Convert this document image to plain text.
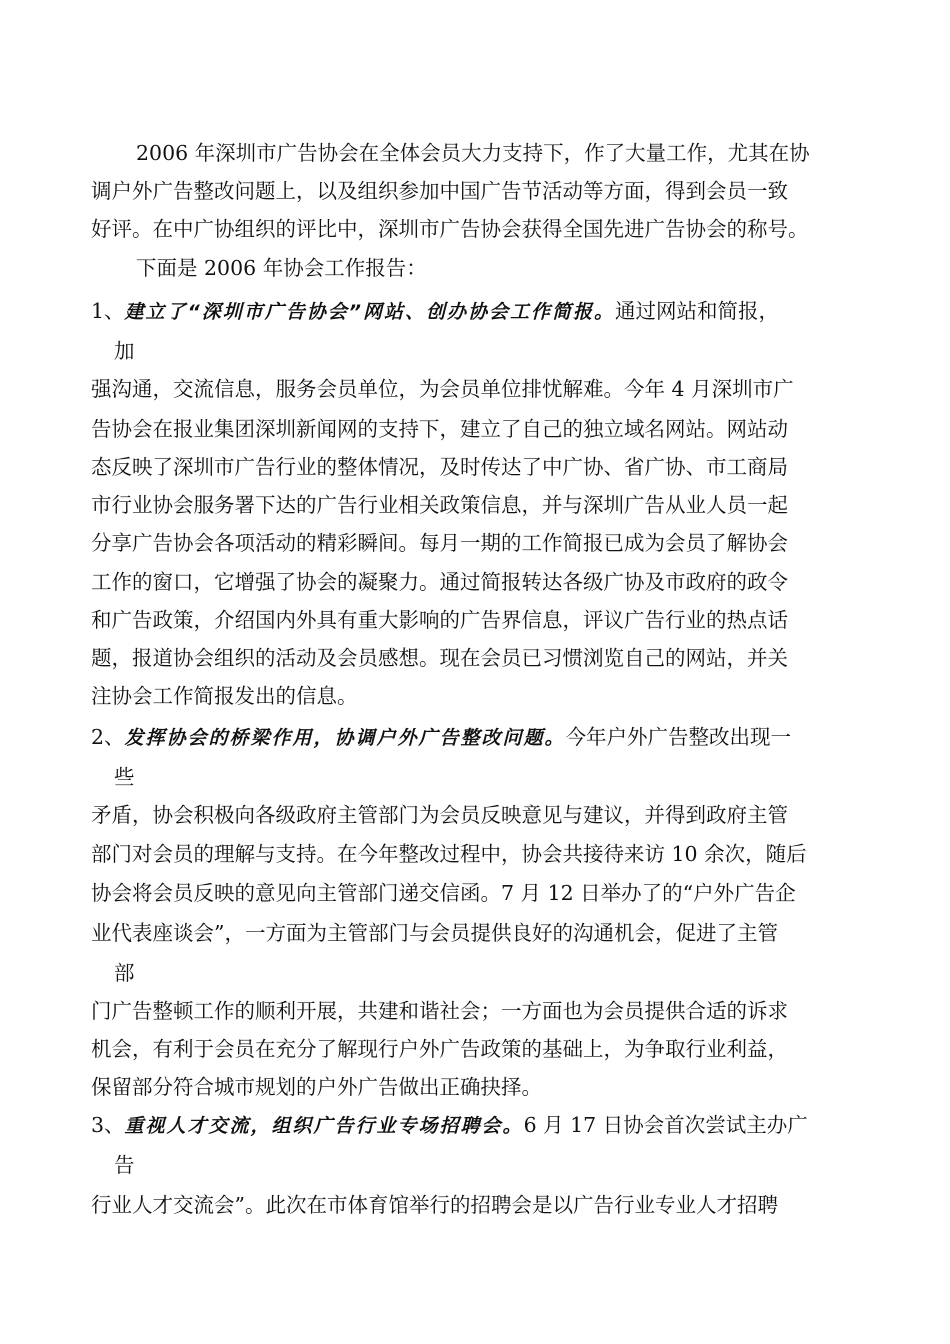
2006 年深圳市广告协会在全体会员大力支持下，作了大量工作，尤其在协
调户外广告整改问题上，以及组织参加中国广告节活动等方面，得到会员一致
好评。在中广协组织的评比中，深圳市广告协会获得全国先进广告协会的称号。
下面是 2006 年协会工作报告：
1、建立了“深圳市广告协会”网站、创办协会工作简报。通过网站和简报，
加
强沟通，交流信息，服务会员单位，为会员单位排忧解难。今年 4 月深圳市广
告协会在报业集团深圳新闻网的支持下，建立了自己的独立域名网站。网站动
态反映了深圳市广告行业的整体情况，及时传达了中广协、省广协、市工商局
市行业协会服务署下达的广告行业相关政策信息，并与深圳广告从业人员一起
分享广告协会各项活动的精彩瞬间。每月一期的工作简报已成为会员了解协会
工作的窗口，它增强了协会的凝聚力。通过简报转达各级广协及市政府的政令
和广告政策，介绍国内外具有重大影响的广告界信息，评议广告行业的热点话
题，报道协会组织的活动及会员感想。现在会员已习惯浏览自己的网站，并关
注协会工作简报发出的信息。
2、发挥协会的桥梁作用，协调户外广告整改问题。今年户外广告整改出现一
些
矛盾，协会积极向各级政府主管部门为会员反映意见与建议，并得到政府主管
部门对会员的理解与支持。在今年整改过程中，协会共接待来访 10 余次，随后
协会将会员反映的意见向主管部门递交信函。7 月 12 日举办了的“户外广告企
业代表座谈会”，一方面为主管部门与会员提供良好的沟通机会，促进了主管
部
门广告整顿工作的顺利开展，共建和谐社会；一方面也为会员提供合适的诉求
机会，有利于会员在充分了解现行户外广告政策的基础上，为争取行业利益，
保留部分符合城市规划的户外广告做出正确抉择。
3、重视人才交流，组织广告行业专场招聘会。6 月 17 日协会首次尝试主办广
告
行业人才交流会”。此次在市体育馆举行的招聘会是以广告行业专业人才招聘
